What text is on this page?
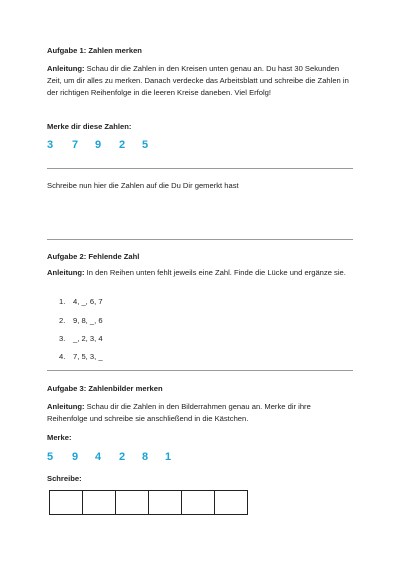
Aufgabe 1: Zahlen merken
Anleitung: Schau dir die Zahlen in den Kreisen unten genau an. Du hast 30 Sekunden Zeit, um dir alles zu merken. Danach verdecke das Arbeitsblatt und schreibe die Zahlen in der richtigen Reihenfolge in die leeren Kreise daneben. Viel Erfolg!
Merke dir diese Zahlen:
3 7 9 2 5
Schreibe nun hier die Zahlen auf die Du Dir gemerkt hast
Aufgabe 2: Fehlende Zahl
Anleitung: In den Reihen unten fehlt jeweils eine Zahl. Finde die Lücke und ergänze sie.
1.	4, _, 6, 7
2.	9, 8, _, 6
3.	_, 2, 3, 4
4.	7, 5, 3, _
Aufgabe 3: Zahlenbilder merken
Anleitung: Schau dir die Zahlen in den Bilderrahmen genau an. Merke dir ihre Reihenfolge und schreibe sie anschließend in die Kästchen.
Merke:
5 9 4 2 8 1
Schreibe:
